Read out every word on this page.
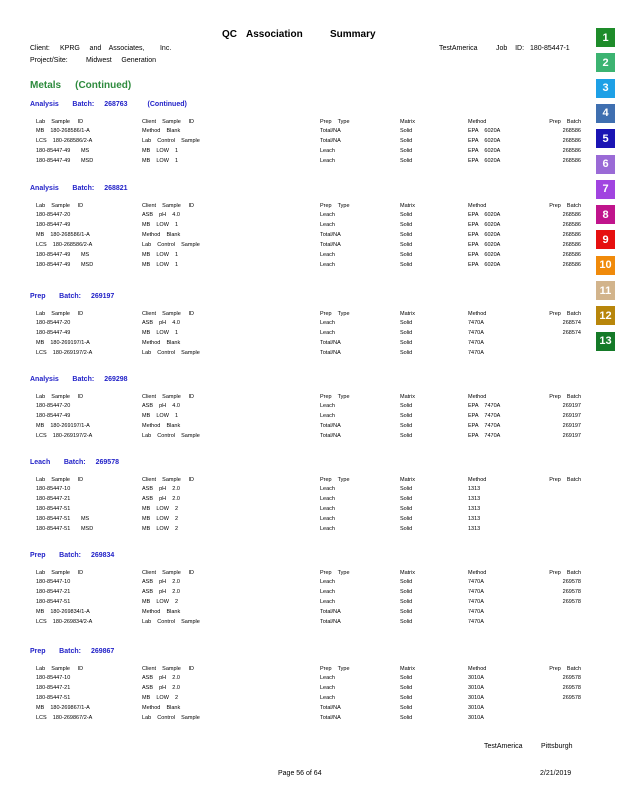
QC Association	Summary
Client: KPRG     and    Associates,        Inc.	TestAmerica	Job    ID: 180-85447-1
Project/Site:	Midwest     Generation
Metals (Continued)
Analysis       Batch: 268763	(Continued)
Lab    Sample     ID	Client    Sample     ID	Prep    Type	Matrix	Method	Prep    Batch
MB    180-268586/1-A	Method    Blank	Total/NA	Solid	EPA    6020A	268586
LCS    180-268586/2-A	Lab    Control    Sample	Total/NA	Solid	EPA    6020A	268586
180-85447-49       MS	MB    LOW    1	Leach	Solid	EPA    6020A	268586
180-85447-49       MSD	MB    LOW    1	Leach	Solid	EPA    6020A	268586
Analysis       Batch: 268821
Lab    Sample     ID	Client    Sample     ID	Prep    Type	Matrix	Method	Prep    Batch
180-85447-20	ASB    pH    4.0	Leach	Solid	EPA    6020A	268586
180-85447-49	MB    LOW    1	Leach	Solid	EPA    6020A	268586
MB    180-268586/1-A	Method    Blank	Total/NA	Solid	EPA    6020A	268586
LCS    180-268586/2-A	Lab    Control    Sample	Total/NA	Solid	EPA    6020A	268586
180-85447-49       MS	MB    LOW    1	Leach	Solid	EPA    6020A	268586
180-85447-49       MSD	MB    LOW    1	Leach	Solid	EPA    6020A	268586
Prep       Batch: 269197
Lab    Sample     ID	Client    Sample     ID	Prep    Type	Matrix	Method	Prep    Batch
180-85447-20	ASB    pH    4.0	Leach	Solid	7470A	268574
180-85447-49	MB    LOW    1	Leach	Solid	7470A	268574
MB    180-269197/1-A	Method    Blank	Total/NA	Solid	7470A
LCS    180-269197/2-A	Lab    Control    Sample	Total/NA	Solid	7470A
Analysis       Batch: 269298
Lab    Sample     ID	Client    Sample     ID	Prep    Type	Matrix	Method	Prep    Batch
180-85447-20	ASB    pH    4.0	Leach	Solid	EPA    7470A	269197
180-85447-49	MB    LOW    1	Leach	Solid	EPA    7470A	269197
MB    180-269197/1-A	Method    Blank	Total/NA	Solid	EPA    7470A	269197
LCS    180-269197/2-A	Lab    Control    Sample	Total/NA	Solid	EPA    7470A	269197
Leach       Batch: 269578
Lab    Sample     ID	Client    Sample     ID	Prep    Type	Matrix	Method	Prep    Batch
180-85447-10	ASB    pH    2.0	Leach	Solid	1313
180-85447-21	ASB    pH    2.0	Leach	Solid	1313
180-85447-51	MB    LOW    2	Leach	Solid	1313
180-85447-51       MS	MB    LOW    2	Leach	Solid	1313
180-85447-51       MSD	MB    LOW    2	Leach	Solid	1313
Prep       Batch: 269834
Lab    Sample     ID	Client    Sample     ID	Prep    Type	Matrix	Method	Prep    Batch
180-85447-10	ASB    pH    2.0	Leach	Solid	7470A	269578
180-85447-21	ASB    pH    2.0	Leach	Solid	7470A	269578
180-85447-51	MB    LOW    2	Leach	Solid	7470A	269578
MB    180-269834/1-A	Method    Blank	Total/NA	Solid	7470A
LCS    180-269834/2-A	Lab    Control    Sample	Total/NA	Solid	7470A
Prep       Batch: 269867
Lab    Sample     ID	Client    Sample     ID	Prep    Type	Matrix	Method	Prep    Batch
180-85447-10	ASB    pH    2.0	Leach	Solid	3010A	269578
180-85447-21	ASB    pH    2.0	Leach	Solid	3010A	269578
180-85447-51	MB    LOW    2	Leach	Solid	3010A	269578
MB    180-269867/1-A	Method    Blank	Total/NA	Solid	3010A
LCS    180-269867/2-A	Lab    Control    Sample	Total/NA	Solid	3010A
TestAmerica	Pittsburgh
Page 56 of 64	2/21/2019
1
2
3
4
5
6
7
8
9
10
11
12
13
